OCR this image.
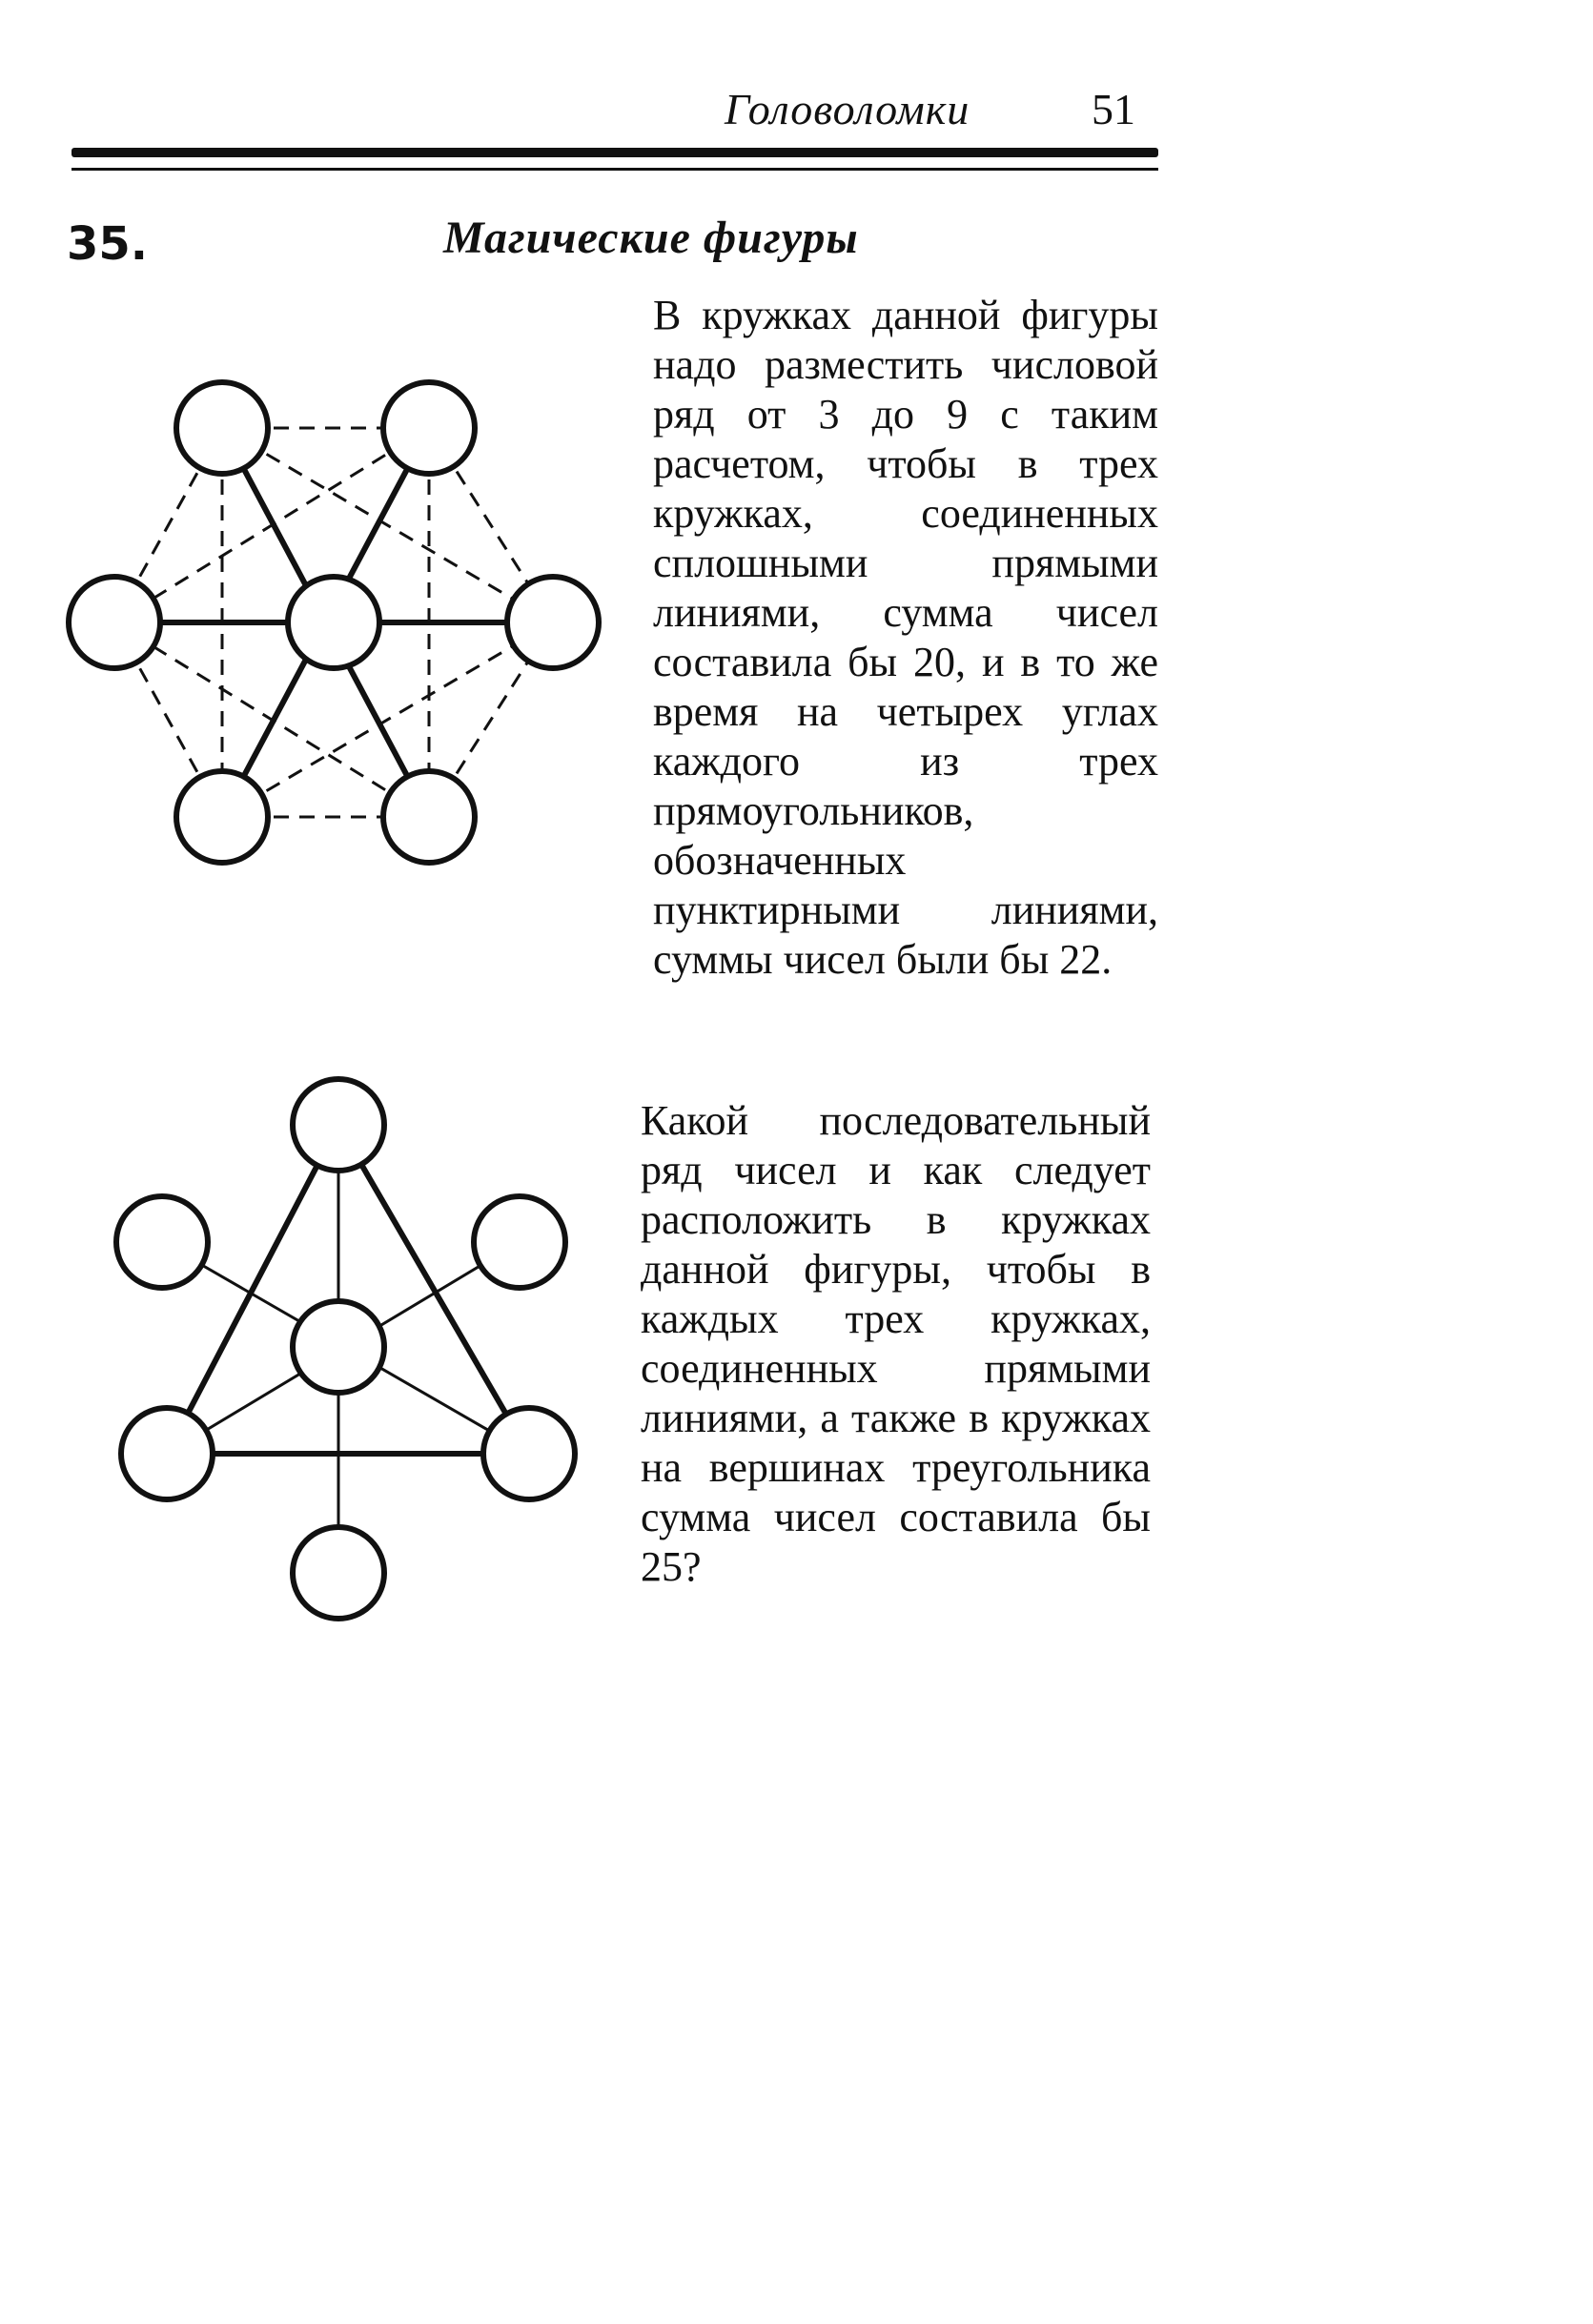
Головоломки	51
35.	Магические фигуры

В кружках данной фигуры надо разместить числовой ряд от 3 до 9 с таким расчетом, чтобы в трех кружках, соединенных сплошными прямыми линиями, сумма чисел составила бы 20, и в то же время на четырех углах каждого из трех прямоугольников, обозначенных пунктирными линиями, суммы чисел были бы 22.

Какой последовательный ряд чисел и как следует расположить в кружках данной фигуры, чтобы в каждых трех кружках, соединенных прямыми линиями, а также в кружках на вершинах треугольника сумма чисел составила бы 25?
